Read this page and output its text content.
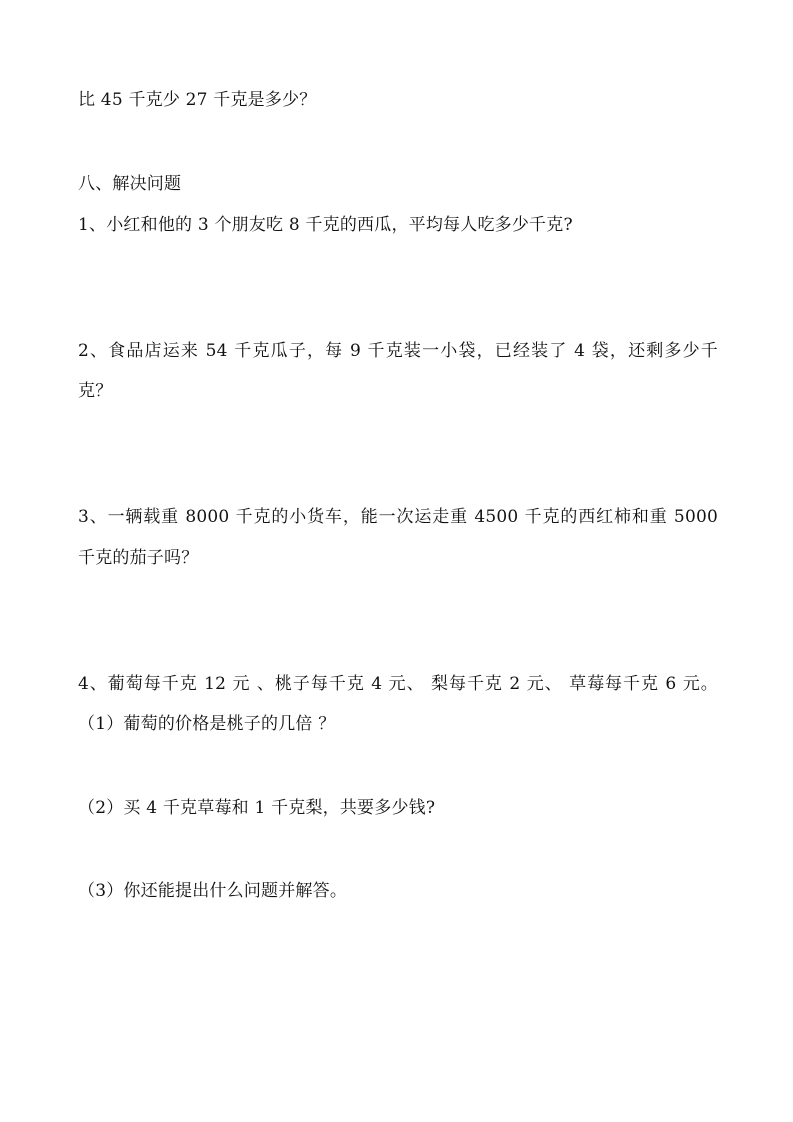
比 45 千克少 27 千克是多少？
八、解决问题
1、小红和他的 3 个朋友吃 8 千克的西瓜，平均每人吃多少千克?
2、食品店运来 54 千克瓜子，每 9 千克装一小袋，已经装了 4 袋，还剩多少千
克？
3、一辆载重 8000 千克的小货车，能一次运走重 4500 千克的西红柿和重 5000
千克的茄子吗？
4、葡萄每千克 12 元 、桃子每千克 4 元、 梨每千克 2 元、 草莓每千克 6 元。
（1）葡萄的价格是桃子的几倍 ？
（2）买 4 千克草莓和 1 千克梨，共要多少钱?
（3）你还能提出什么问题并解答。
